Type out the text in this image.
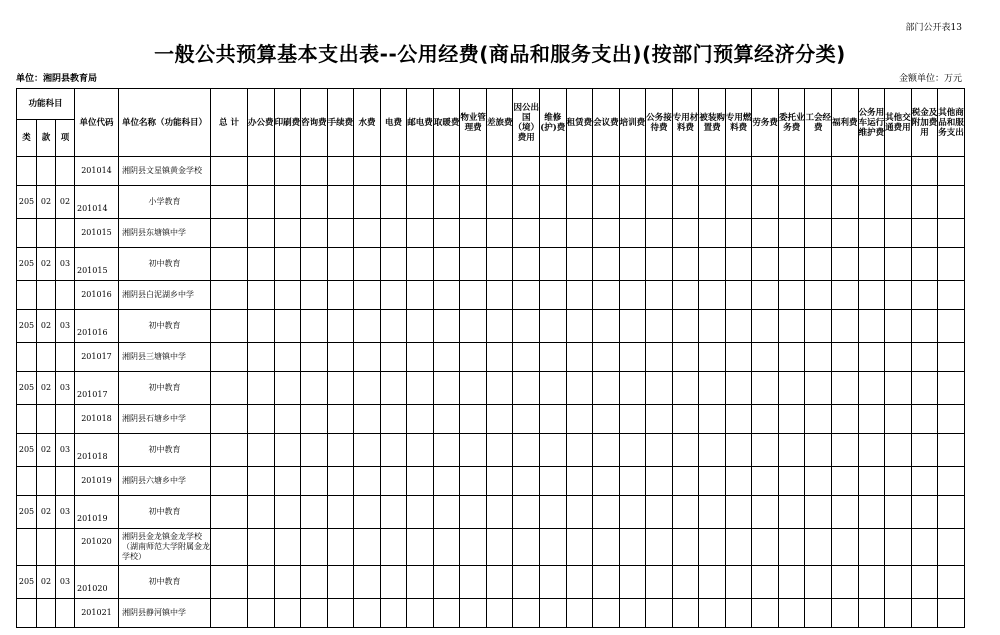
部门公开表13
一般公共预算基本支出表--公用经费(商品和服务支出)(按部门预算经济分类)
单位：湘阴县教育局	金额单位：万元
功能科目			单位代码	单位名称（功能科目）	总 计	办公费	印刷费	咨询费	手续费	水费	电费	邮电费	取暖费	物业管理费	差旅费	因公出国（境）费用	维修(护)费	租赁费	会议费	培训费	公务接待费	专用材料费	被装购置费	专用燃料费	劳务费	委托业务费	工会经费	福利费	公务用车运行维护费	其他交通费用	税金及附加费用	其他商品和服务支出
类	款	项																														
			201014	湘阴县文星镇黄金学校																												
205	02	02	201014	小学教育																												
			201015	湘阴县东塘镇中学																												
205	02	03	201015	初中教育																												
			201016	湘阴县白泥湖乡中学																												
205	02	03	201016	初中教育																												
			201017	湘阴县三塘镇中学																												
205	02	03	201017	初中教育																												
			201018	湘阴县石塘乡中学																												
205	02	03	201018	初中教育																												
			201019	湘阴县六塘乡中学																												
205	02	03	201019	初中教育																												
			201020	湘阴县金龙镇金龙学校（湖南师范大学附属金龙学校）																												
205	02	03	201020	初中教育																												
			201021	湘阴县静河镇中学																												
